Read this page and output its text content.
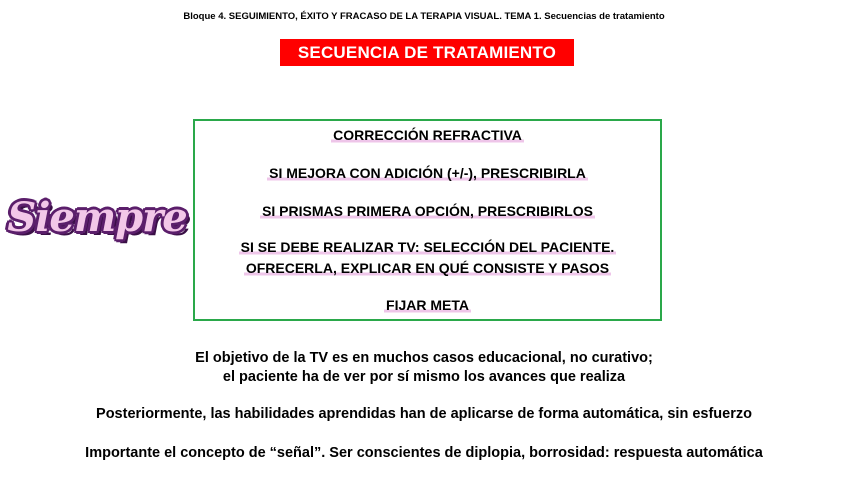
Bloque 4. SEGUIMIENTO, ÉXITO Y FRACASO DE LA TERAPIA VISUAL. TEMA 1. Secuencias de tratamiento
SECUENCIA DE TRATAMIENTO
Siempre
CORRECCIÓN REFRACTIVA
SI MEJORA CON ADICIÓN (+/-), PRESCRIBIRLA
SI PRISMAS PRIMERA OPCIÓN, PRESCRIBIRLOS
SI SE DEBE REALIZAR TV: SELECCIÓN DEL PACIENTE.
OFRECERLA, EXPLICAR EN QUÉ CONSISTE Y PASOS
FIJAR META
El objetivo de la TV es en muchos casos educacional, no curativo;
el paciente ha de ver por sí mismo los avances que realiza
Posteriormente, las habilidades aprendidas han de aplicarse de forma automática, sin esfuerzo
Importante el concepto de “señal”. Ser conscientes de diplopia, borrosidad: respuesta automática
